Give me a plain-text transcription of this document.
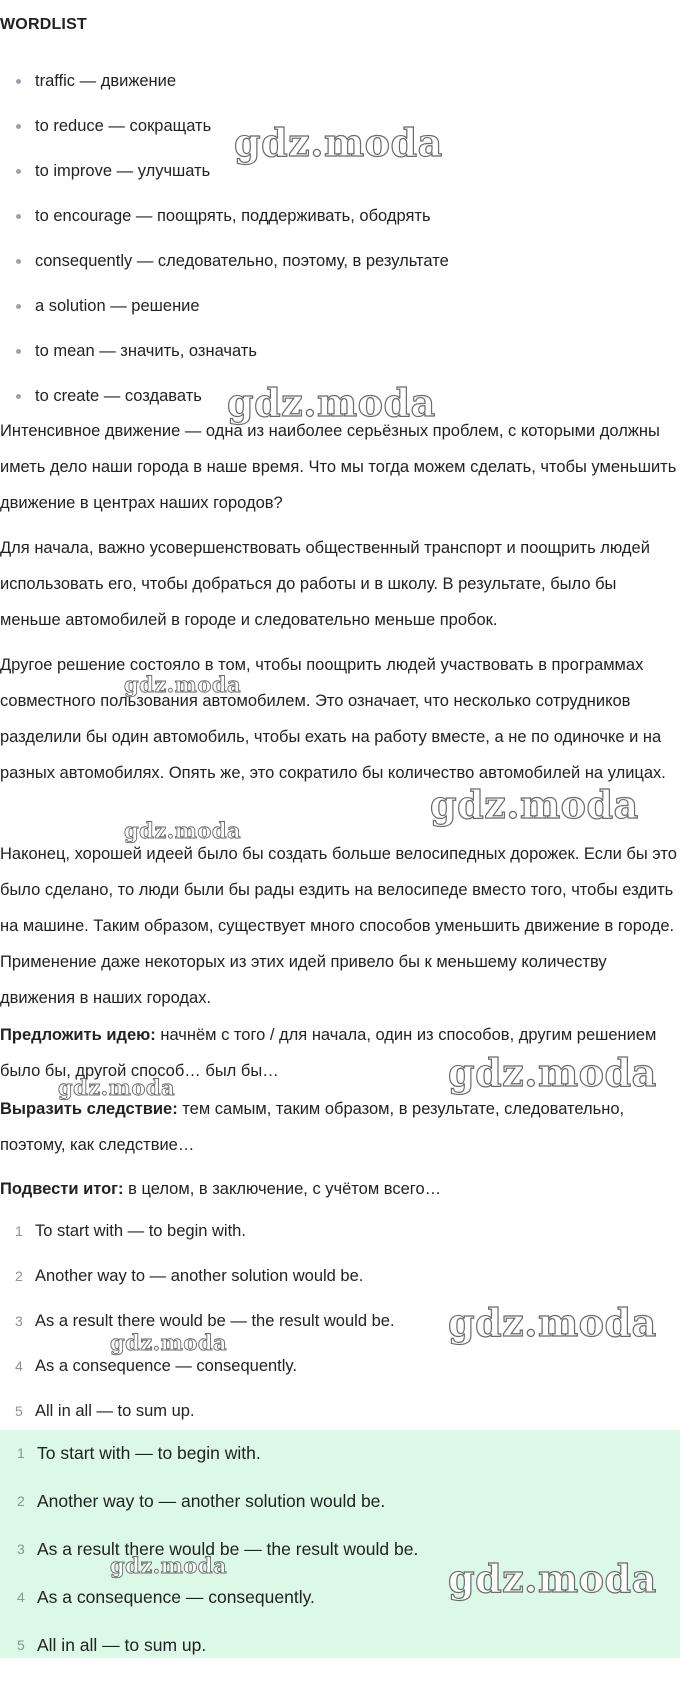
WORDLIST
traffic — движение
to reduce — сокращать
to improve — улучшать
to encourage — поощрять, поддерживать, ободрять
consequently — следовательно, поэтому, в результате
a solution — решение
to mean — значить, означать
to create — создавать

Интенсивное движение — одна из наиболее серьёзных проблем, с которыми должны иметь дело наши города в наше время. Что мы тогда можем сделать, чтобы уменьшить движение в центрах наших городов?

Для начала, важно усовершенствовать общественный транспорт и поощрить людей использовать его, чтобы добраться до работы и в школу. В результате, было бы меньше автомобилей в городе и следовательно меньше пробок.

Другое решение состояло в том, чтобы поощрить людей участвовать в программах совместного пользования автомобилем. Это означает, что несколько сотрудников разделили бы один автомобиль, чтобы ехать на работу вместе, а не по одиночке и на разных автомобилях. Опять же, это сократило бы количество автомобилей на улицах.

Наконец, хорошей идеей было бы создать больше велосипедных дорожек. Если бы это было сделано, то люди были бы рады ездить на велосипеде вместо того, чтобы ездить на машине. Таким образом, существует много способов уменьшить движение в городе. Применение даже некоторых из этих идей привело бы к меньшему количеству движения в наших городах.

Предложить идею: начнём с того / для начала, один из способов, другим решением было бы, другой способ… был бы…

Выразить следствие: тем самым, таким образом, в результате, следовательно, поэтому, как следствие…

Подвести итог: в целом, в заключение, с учётом всего…

1 To start with — to begin with.
2 Another way to — another solution would be.
3 As a result there would be — the result would be.
4 As a consequence — consequently.
5 All in all — to sum up.
1 To start with — to begin with.
2 Another way to — another solution would be.
3 As a result there would be — the result would be.
4 As a consequence — consequently.
5 All in all — to sum up.
gdz.moda
gdz.moda
gdz.moda
gdz.moda
gdz.moda
gdz.moda
gdz.moda
gdz.moda
gdz.moda
gdz.moda	gdz.moda
